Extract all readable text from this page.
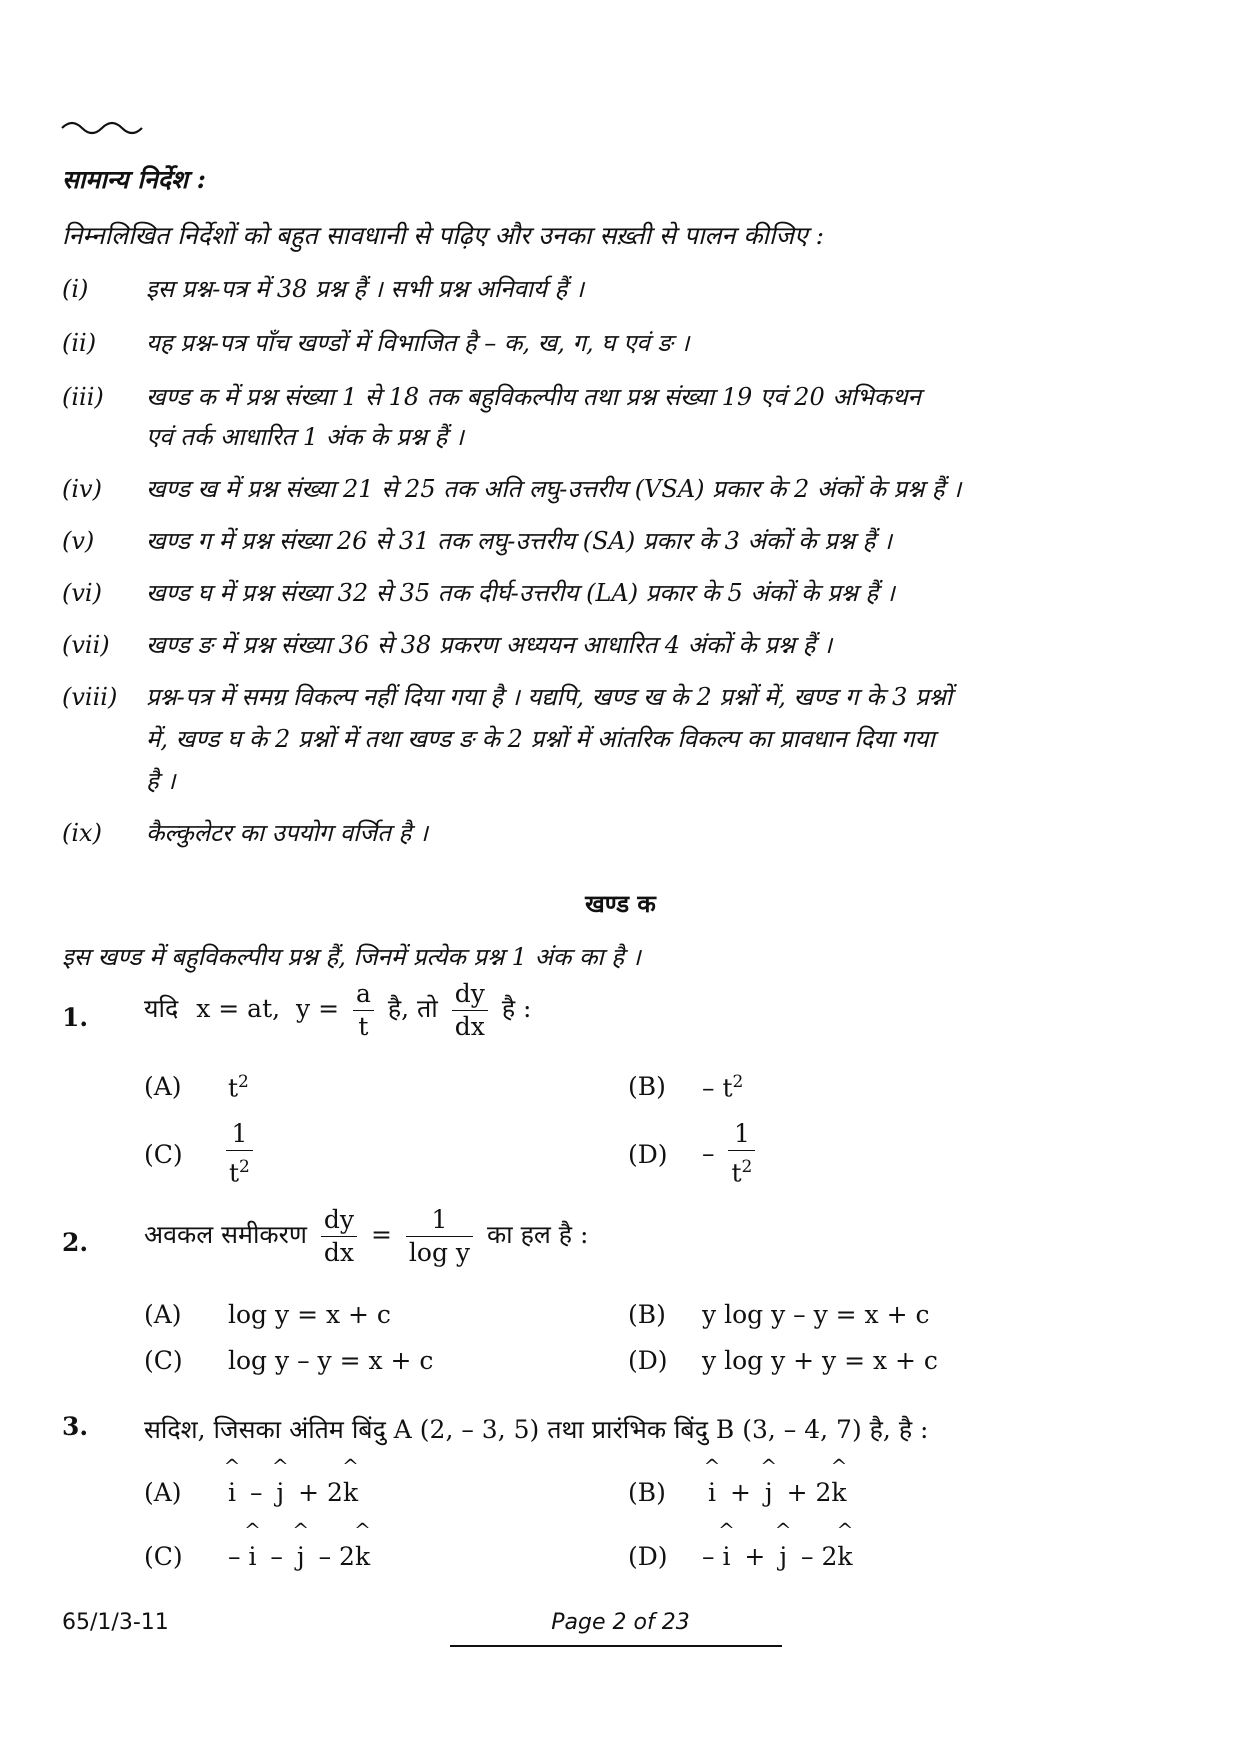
सामान्य निर्देश :
निम्नलिखित निर्देशों को बहुत सावधानी से पढ़िए और उनका सख़्ती से पालन कीजिए :
(i) इस प्रश्न-पत्र में 38 प्रश्न हैं । सभी प्रश्न अनिवार्य हैं ।
(ii) यह प्रश्न-पत्र पाँच खण्डों में विभाजित है – क, ख, ग, घ एवं ङ ।
(iii) खण्ड क में प्रश्न संख्या 1 से 18 तक बहुविकल्पीय तथा प्रश्न संख्या 19 एवं 20 अभिकथन
एवं तर्क आधारित 1 अंक के प्रश्न हैं ।
(iv) खण्ड ख में प्रश्न संख्या 21 से 25 तक अति लघु-उत्तरीय (VSA) प्रकार के 2 अंकों के प्रश्न हैं ।
(v) खण्ड ग में प्रश्न संख्या 26 से 31 तक लघु-उत्तरीय (SA) प्रकार के 3 अंकों के प्रश्न हैं ।
(vi) खण्ड घ में प्रश्न संख्या 32 से 35 तक दीर्घ-उत्तरीय (LA) प्रकार के 5 अंकों के प्रश्न हैं ।
(vii) खण्ड ङ में प्रश्न संख्या 36 से 38 प्रकरण अध्ययन आधारित 4 अंकों के प्रश्न हैं ।
(viii) प्रश्न-पत्र में समग्र विकल्प नहीं दिया गया है । यद्यपि, खण्ड ख के 2 प्रश्नों में, खण्ड ग के 3 प्रश्नों
में, खण्ड घ के 2 प्रश्नों में तथा खण्ड ङ के 2 प्रश्नों में आंतरिक विकल्प का प्रावधान दिया गया
है ।
(ix) कैल्कुलेटर का उपयोग वर्जित है ।
खण्ड क
इस खण्ड में बहुविकल्पीय प्रश्न हैं, जिनमें प्रत्येक प्रश्न 1 अंक का है ।
1. यदि x = at, $y = \frac{a}{t}$ है, तो $\frac{dy}{dx}$ है :
(A) $t^2$	$(B) - t^2$
$(C) \frac{1}{t^2}$	$(D) - \frac{1}{t^2}$
2. अवकल समीकरण $\frac{dy}{dx} = \frac{1}{\text{log y}}$ का हल है :
(A) log y = x + c	(B) y log y – y = x + c
(C) log y – y = x + c	(D) y log y + y = x + c
3. सदिश, जिसका अंतिम बिंदु A (2, – 3, 5) तथा प्रारंभिक बिंदु B (3, – 4, 7) है, है :
(A) ^ i – ^ j + 2^ k	(B) ^ i + ^ j + 2^ k
(C) – ^ i – ^ j – 2^ k	(D) – ^ i + ^ j – 2^ k
65/1/3-11	Page 2 of 23
